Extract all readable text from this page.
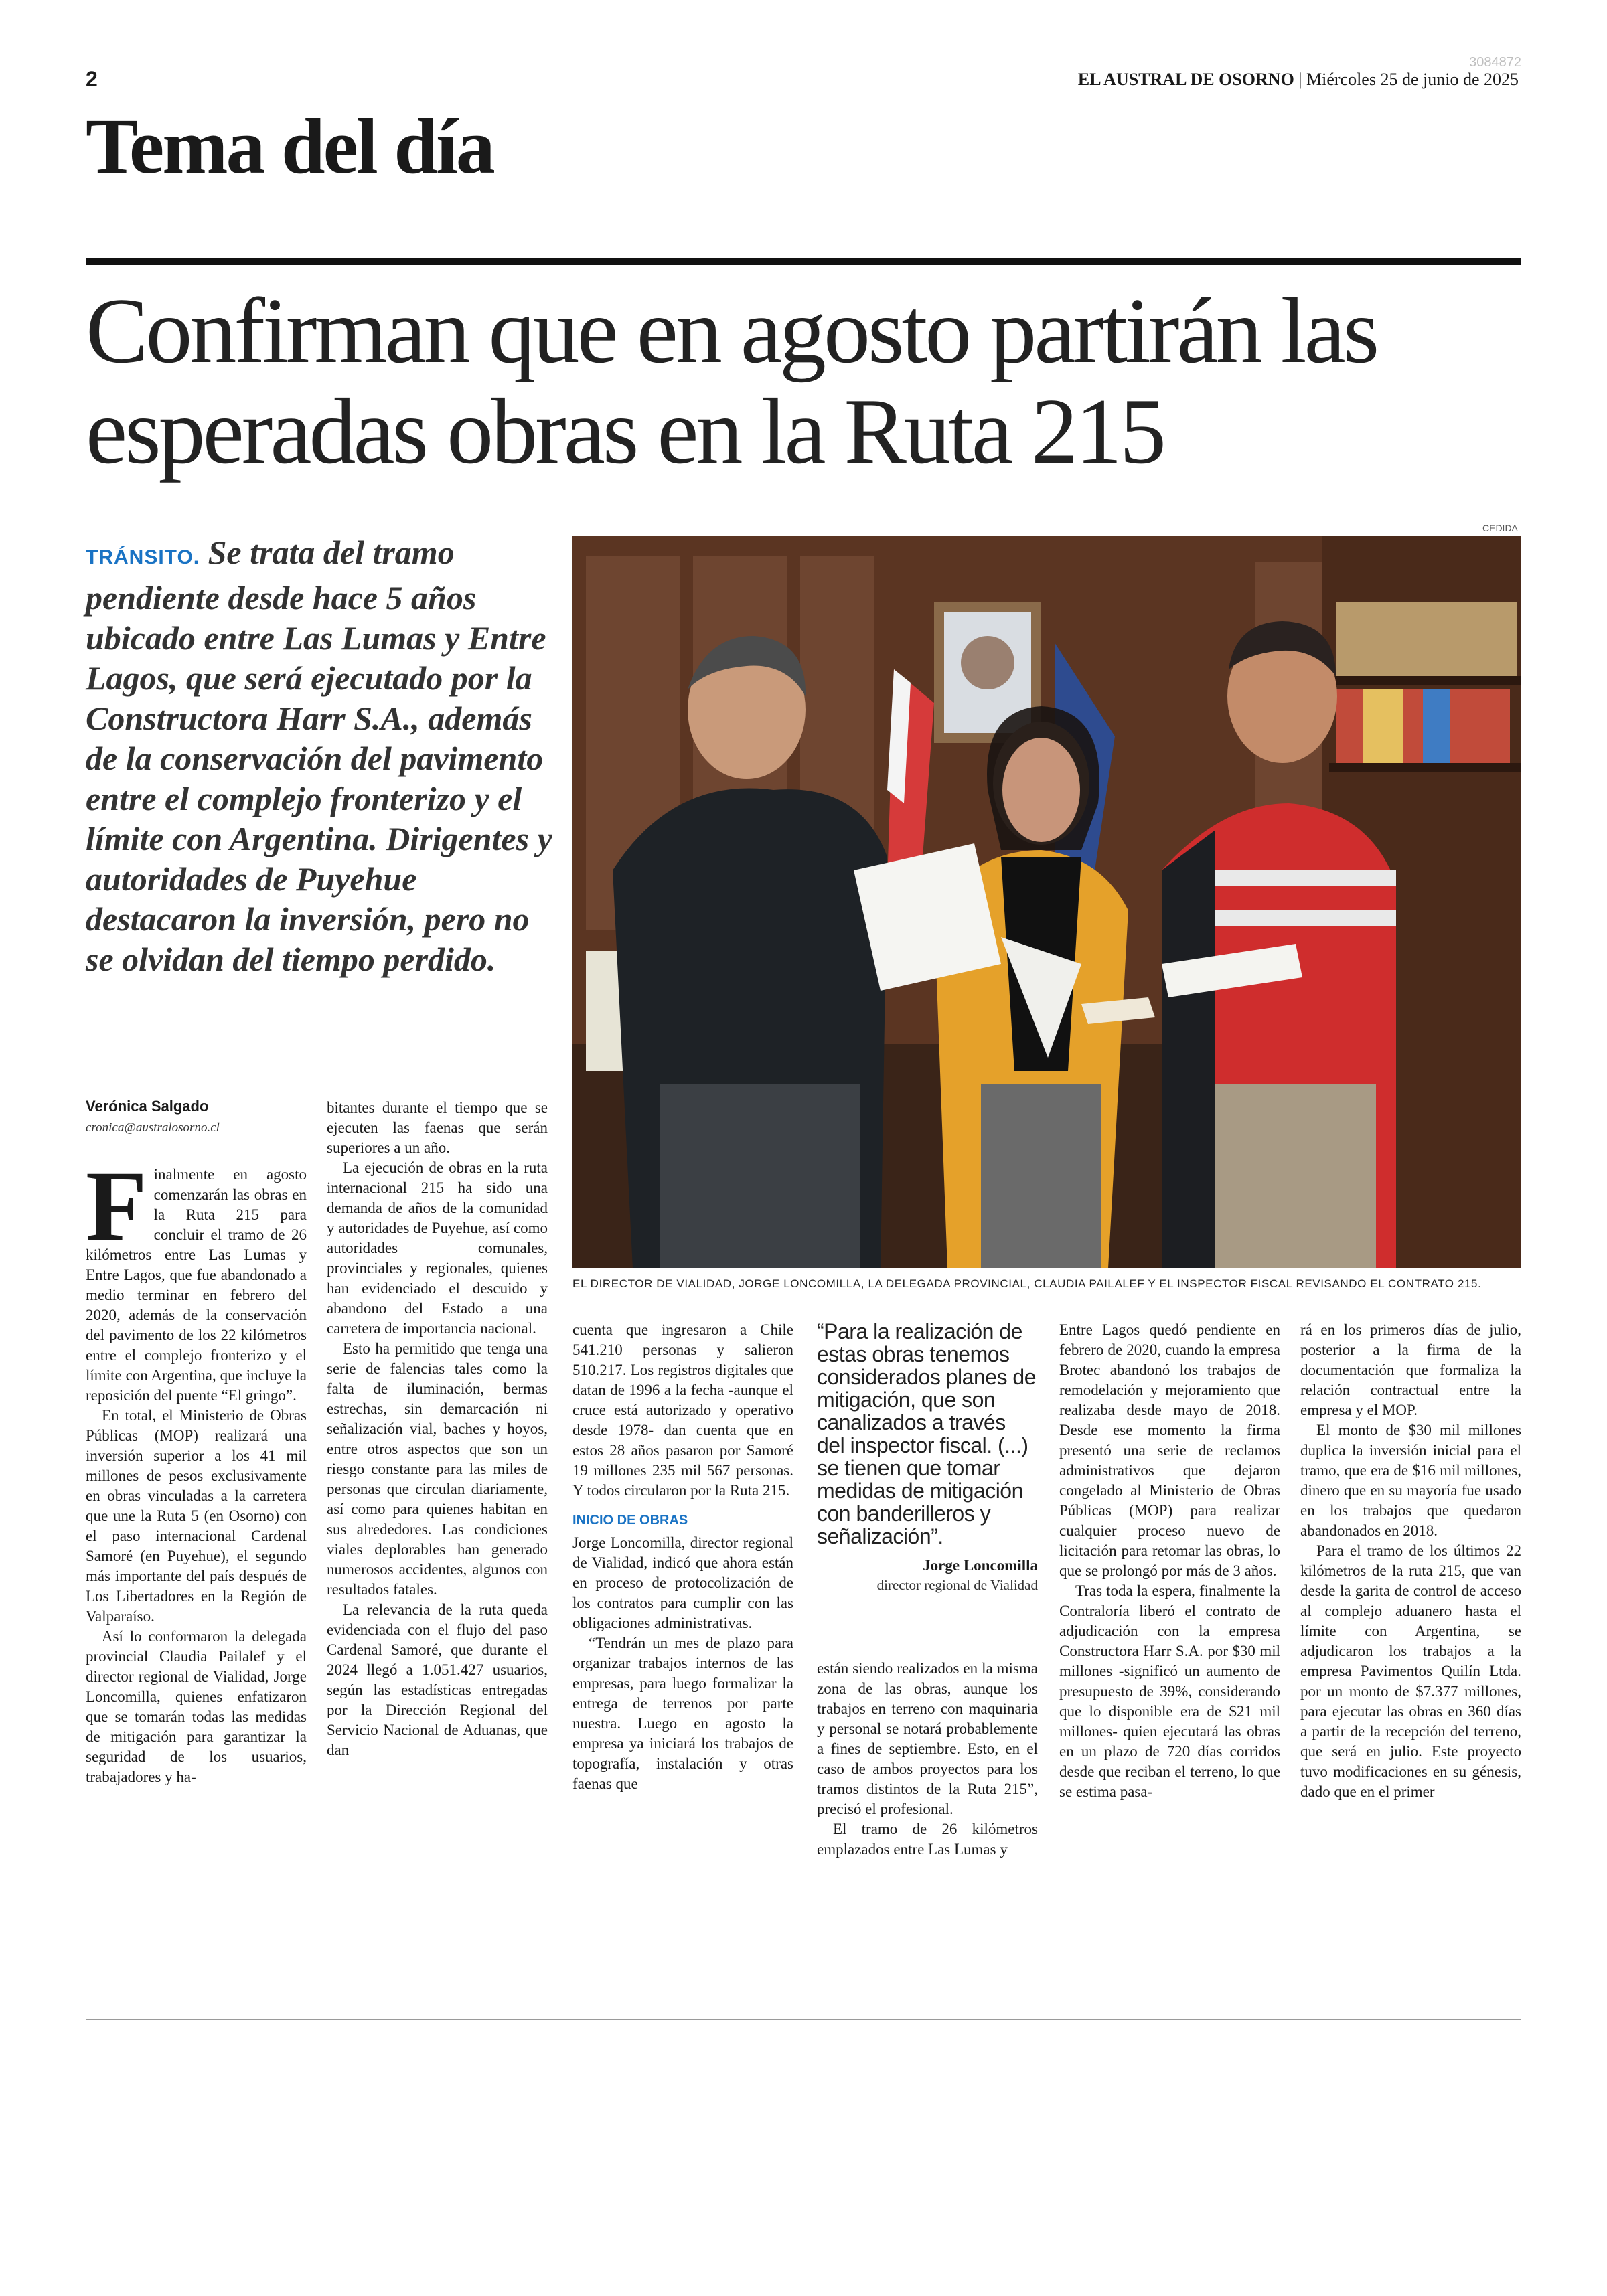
2
3084872
EL AUSTRAL DE OSORNO | Miércoles 25 de junio de 2025
Tema del día
Confirman que en agosto partirán las esperadas obras en la Ruta 215
TRÁNSITO. Se trata del tramo pendiente desde hace 5 años ubicado entre Las Lumas y Entre Lagos, que será ejecutado por la Constructora Harr S.A., además de la conservación del pavimento entre el complejo fronterizo y el límite con Argentina. Dirigentes y autoridades de Puyehue destacaron la inversión, pero no se olvidan del tiempo perdido.
CEDIDA
EL DIRECTOR DE VIALIDAD, JORGE LONCOMILLA, LA DELEGADA PROVINCIAL, CLAUDIA PAILALEF Y EL INSPECTOR FISCAL REVISANDO EL CONTRATO 215.
Verónica Salgado
cronica@australosorno.cl

Finalmente en agosto comenzarán las obras en la Ruta 215 para concluir el tramo de 26 kilómetros entre Las Lumas y Entre Lagos, que fue abandonado a medio terminar en febrero del 2020, además de la conservación del pavimento de los 22 kilómetros entre el complejo fronterizo y el límite con Argentina, que incluye la reposición del puente “El gringo”.

En total, el Ministerio de Obras Públicas (MOP) realizará una inversión superior a los 41 mil millones de pesos exclusivamente en obras vinculadas a la carretera que une la Ruta 5 (en Osorno) con el paso internacional Cardenal Samoré (en Puyehue), el segundo más importante del país después de Los Libertadores en la Región de Valparaíso.

Así lo conformaron la delegada provincial Claudia Pailalef y el director regional de Vialidad, Jorge Loncomilla, quienes enfatizaron que se tomarán todas las medidas de mitigación para garantizar la seguridad de los usuarios, trabajadores y ha-

bitantes durante el tiempo que se ejecuten las faenas que serán superiores a un año.

La ejecución de obras en la ruta internacional 215 ha sido una demanda de años de la comunidad y autoridades de Puyehue, así como autoridades comunales, provinciales y regionales, quienes han evidenciado el descuido y abandono del Estado a una carretera de importancia nacional.

Esto ha permitido que tenga una serie de falencias tales como la falta de iluminación, bermas estrechas, sin demarcación ni señalización vial, baches y hoyos, entre otros aspectos que son un riesgo constante para las miles de personas que circulan diariamente, así como para quienes habitan en sus alrededores. Las condiciones viales deplorables han generado numerosos accidentes, algunos con resultados fatales.

La relevancia de la ruta queda evidenciada con el flujo del paso Cardenal Samoré, que durante el 2024 llegó a 1.051.427 usuarios, según las estadísticas entregadas por la Dirección Regional del Servicio Nacional de Aduanas, que dan

cuenta que ingresaron a Chile 541.210 personas y salieron 510.217. Los registros digitales que datan de 1996 a la fecha -aunque el cruce está autorizado y operativo desde 1978- dan cuenta que en estos 28 años pasaron por Samoré 19 millones 235 mil 567 personas. Y todos circularon por la Ruta 215.

INICIO DE OBRAS

Jorge Loncomilla, director regional de Vialidad, indicó que ahora están en proceso de protocolización de los contratos para cumplir con las obligaciones administrativas.

“Tendrán un mes de plazo para organizar trabajos internos de las empresas, para luego formalizar la entrega de terrenos por parte nuestra. Luego en agosto la empresa ya iniciará los trabajos de topografía, instalación y otras faenas que

“Para la realización de estas obras tenemos considerados planes de mitigación, que son canalizados a través del inspector fiscal. (...) se tienen que tomar medidas de mitigación con banderilleros y señalización”.
Jorge Loncomilla
director regional de Vialidad

están siendo realizados en la misma zona de las obras, aunque los trabajos en terreno con maquinaria y personal se notará probablemente a fines de septiembre. Esto, en el caso de ambos proyectos para los tramos distintos de la Ruta 215”, precisó el profesional.

El tramo de 26 kilómetros emplazados entre Las Lumas y

Entre Lagos quedó pendiente en febrero de 2020, cuando la empresa Brotec abandonó los trabajos de remodelación y mejoramiento que realizaba desde mayo de 2018. Desde ese momento la firma presentó una serie de reclamos administrativos que dejaron congelado al Ministerio de Obras Públicas (MOP) para realizar cualquier proceso nuevo de licitación para retomar las obras, lo que se prolongó por más de 3 años.

Tras toda la espera, finalmente la Contraloría liberó el contrato de adjudicación con la empresa Constructora Harr S.A. por $30 mil millones -significó un aumento de presupuesto de 39%, considerando que lo disponible era de $21 mil millones- quien ejecutará las obras en un plazo de 720 días corridos desde que reciban el terreno, lo que se estima pasa-

rá en los primeros días de julio, posterior a la firma de la documentación que formaliza la relación contractual entre la empresa y el MOP.

El monto de $30 mil millones duplica la inversión inicial para el tramo, que era de $16 mil millones, dinero que en su mayoría fue usado en los trabajos que quedaron abandonados en 2018.

Para el tramo de los últimos 22 kilómetros de la ruta 215, que van desde la garita de control de acceso al complejo aduanero hasta el límite con Argentina, se adjudicaron los trabajos a la empresa Pavimentos Quilín Ltda. por un monto de $7.377 millones, para ejecutar las obras en 360 días a partir de la recepción del terreno, que será en julio. Este proyecto tuvo modificaciones en su génesis, dado que en el primer
